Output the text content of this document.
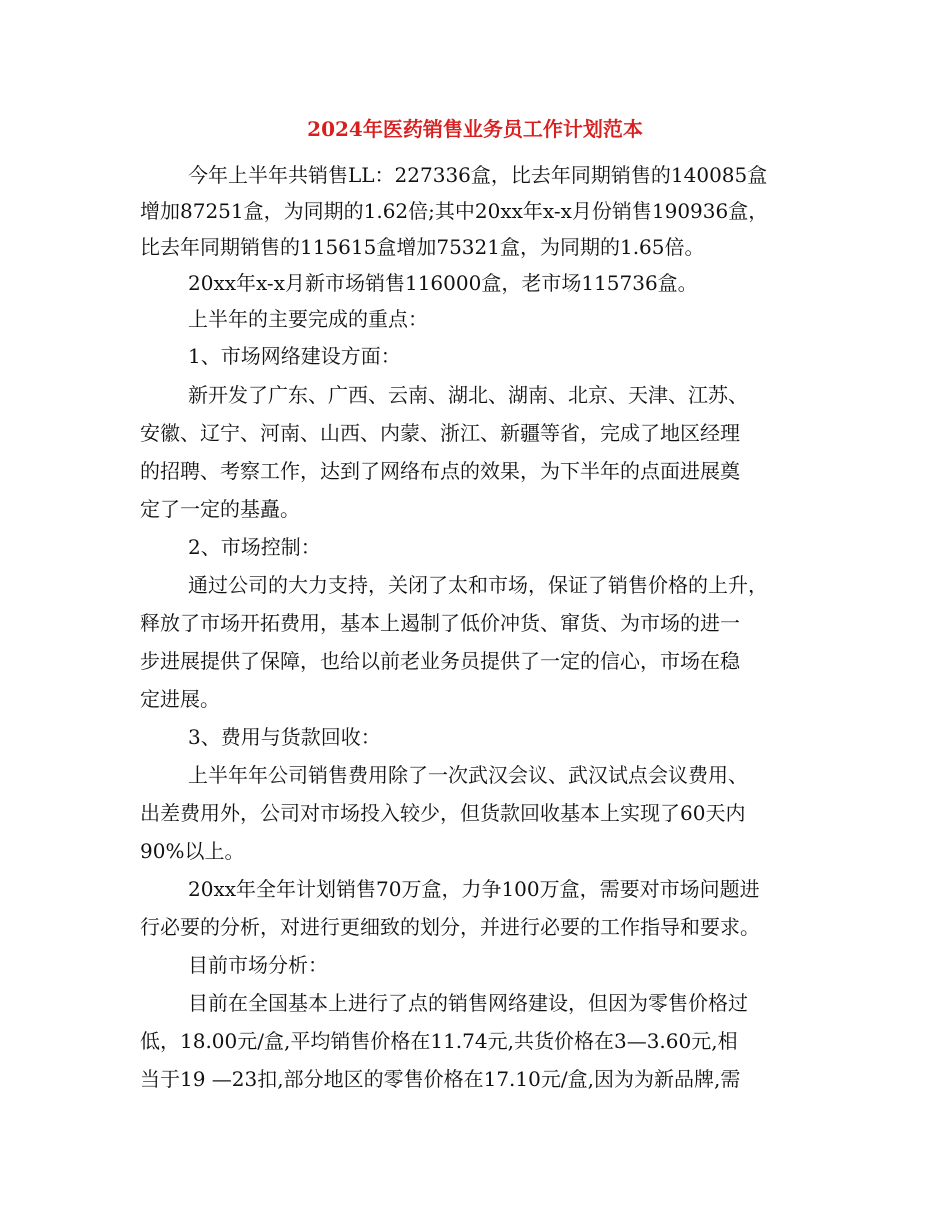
2024年医药销售业务员工作计划范本

今年上半年共销售LL：227336盒，比去年同期销售的140085盒

增加87251盒，为同期的1.62倍;其中20xx年x-x月份销售190936盒，

比去年同期销售的115615盒增加75321盒，为同期的1.65倍。

20xx年x-x月新市场销售116000盒，老市场115736盒。

上半年的主要完成的重点：

1、市场网络建设方面：

新开发了广东、广西、云南、湖北、湖南、北京、天津、江苏、

安徽、辽宁、河南、山西、内蒙、浙江、新疆等省，完成了地区经理

的招聘、考察工作，达到了网络布点的效果，为下半年的点面进展奠

定了一定的基矗。

2、市场控制：

通过公司的大力支持，关闭了太和市场，保证了销售价格的上升，

释放了市场开拓费用，基本上遏制了低价冲货、窜货、为市场的进一

步进展提供了保障，也给以前老业务员提供了一定的信心，市场在稳

定进展。

3、费用与货款回收：

上半年年公司销售费用除了一次武汉会议、武汉试点会议费用、

出差费用外，公司对市场投入较少，但货款回收基本上实现了60天内

90%以上。

20xx年全年计划销售70万盒，力争100万盒，需要对市场问题进

行必要的分析，对进行更细致的划分，并进行必要的工作指导和要求。

目前市场分析：

目前在全国基本上进行了点的销售网络建设，但因为零售价格过

低，18.00元/盒,平均销售价格在11.74元,共货价格在3—3.60元,相

当于19 —23扣,部分地区的零售价格在17.10元/盒,因为为新品牌,需
